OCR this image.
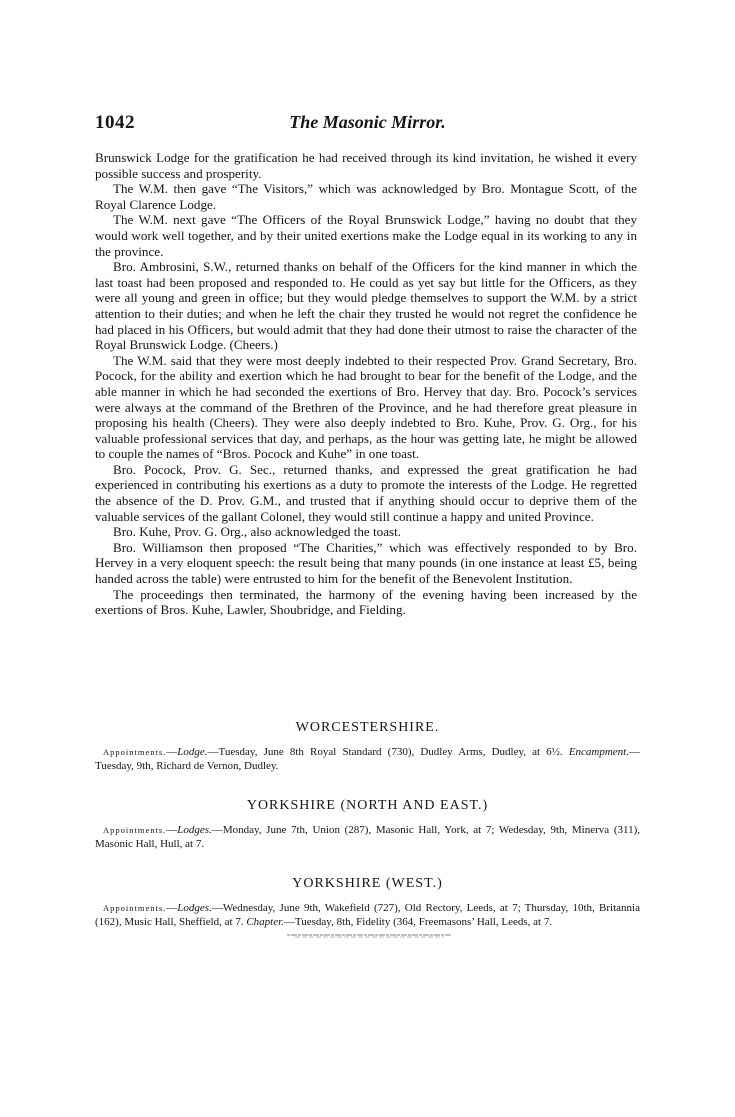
1042	The Masonic Mirror.

Brunswick Lodge for the gratification he had received through its kind invitation, he wished it every possible success and prosperity.

The W.M. then gave “The Visitors,” which was acknowledged by Bro. Montague Scott, of the Royal Clarence Lodge.

The W.M. next gave “The Officers of the Royal Brunswick Lodge,” having no doubt that they would work well together, and by their united exertions make the Lodge equal in its working to any in the province.

Bro. Ambrosini, S.W., returned thanks on behalf of the Officers for the kind manner in which the last toast had been proposed and responded to. He could as yet say but little for the Officers, as they were all young and green in office; but they would pledge themselves to support the W.M. by a strict attention to their duties; and when he left the chair they trusted he would not regret the confidence he had placed in his Officers, but would admit that they had done their utmost to raise the character of the Royal Brunswick Lodge. (Cheers.)

The W.M. said that they were most deeply indebted to their respected Prov. Grand Secretary, Bro. Pocock, for the ability and exertion which he had brought to bear for the benefit of the Lodge, and the able manner in which he had seconded the exertions of Bro. Hervey that day. Bro. Pocock’s services were always at the command of the Brethren of the Province, and he had therefore great pleasure in proposing his health (Cheers). They were also deeply indebted to Bro. Kuhe, Prov. G. Org., for his valuable professional services that day, and perhaps, as the hour was getting late, he might be allowed to couple the names of “Bros. Pocock and Kuhe” in one toast.

Bro. Pocock, Prov. G. Sec., returned thanks, and expressed the great gratification he had experienced in contributing his exertions as a duty to promote the interests of the Lodge. He regretted the absence of the D. Prov. G.M., and trusted that if anything should occur to deprive them of the valuable services of the gallant Colonel, they would still continue a happy and united Province.

Bro. Kuhe, Prov. G. Org., also acknowledged the toast.

Bro. Williamson then proposed “The Charities,” which was effectively responded to by Bro. Hervey in a very eloquent speech: the result being that many pounds (in one instance at least £5, being handed across the table) were entrusted to him for the benefit of the Benevolent Institution.

The proceedings then terminated, the harmony of the evening having been increased by the exertions of Bros. Kuhe, Lawler, Shoubridge, and Fielding.

WORCESTERSHIRE.
Appointments.—Lodge.—Tuesday, June 8th Royal Standard (730), Dudley Arms, Dudley, at 6½. Encampment.—Tuesday, 9th, Richard de Vernon, Dudley.
YORKSHIRE (NORTH AND EAST.)
Appointments.—Lodges.—Monday, June 7th, Union (287), Masonic Hall, York, at 7; Wedesday, 9th, Minerva (311), Masonic Hall, Hull, at 7.
YORKSHIRE (WEST.)
Appointments.—Lodges.—Wednesday, June 9th, Wakefield (727), Old Rectory, Leeds, at 7; Thursday, 10th, Britannia (162), Music Hall, Sheffield, at 7. Chapter.—Tuesday, 8th, Fidelity (364, Freemasons’ Hall, Leeds, at 7.
